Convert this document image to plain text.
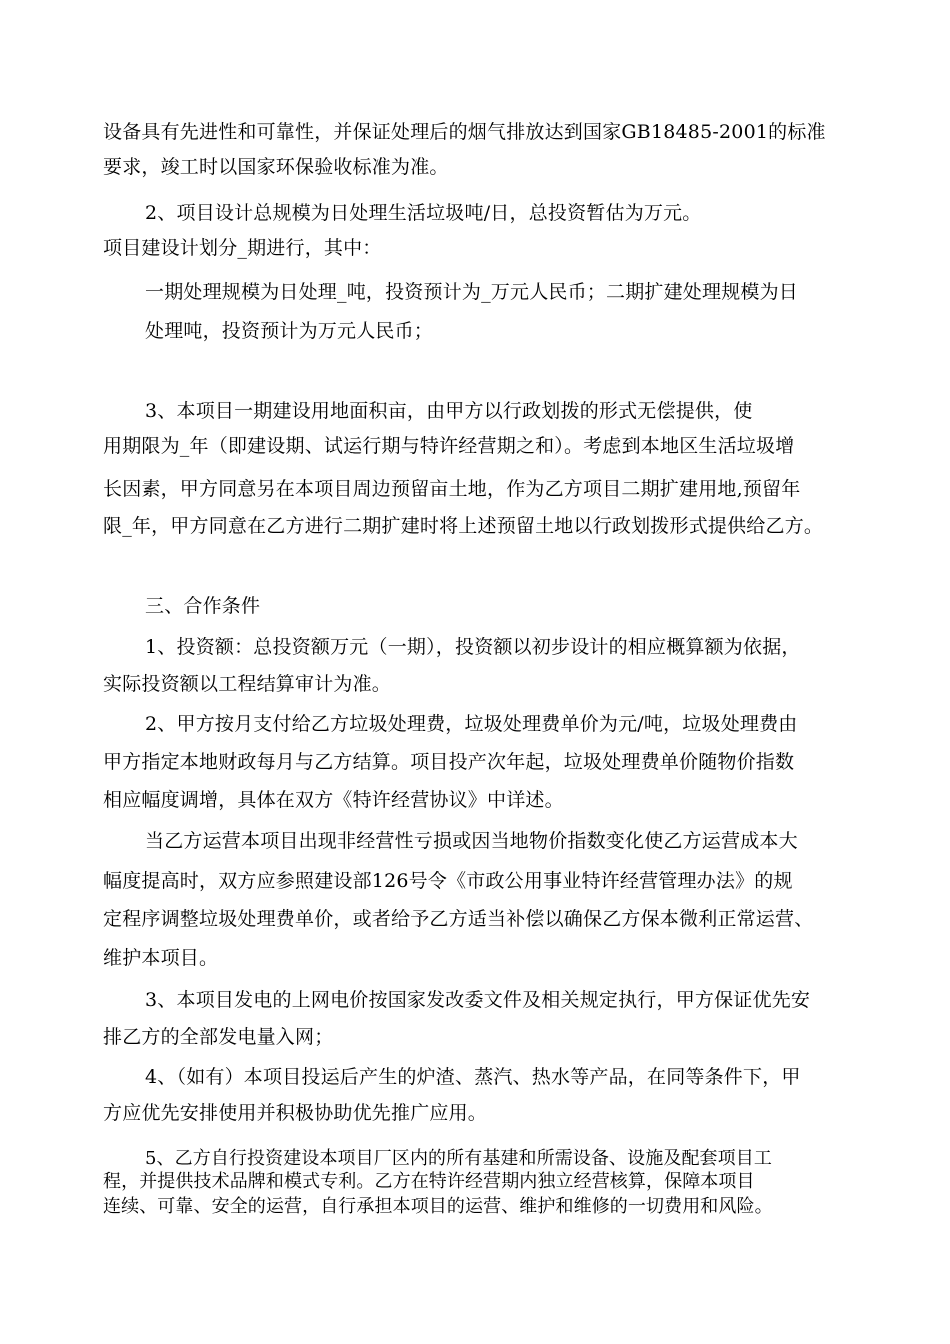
设备具有先进性和可靠性，并保证处理后的烟气排放达到国家GB18485-2001的标准
要求，竣工时以国家环保验收标准为准。
2、项目设计总规模为日处理生活垃圾吨/日，总投资暂估为万元。
项目建设计划分_期进行，其中：
一期处理规模为日处理_吨，投资预计为_万元人民币；二期扩建处理规模为日
处理吨，投资预计为万元人民币；
3、本项目一期建设用地面积亩，由甲方以行政划拨的形式无偿提供，使
用期限为_年（即建设期、试运行期与特许经营期之和）。考虑到本地区生活垃圾增
长因素，甲方同意另在本项目周边预留亩土地，作为乙方项目二期扩建用地,预留年
限_年，甲方同意在乙方进行二期扩建时将上述预留土地以行政划拨形式提供给乙方。
三、合作条件
1、投资额：总投资额万元（一期），投资额以初步设计的相应概算额为依据，
实际投资额以工程结算审计为准。
2、甲方按月支付给乙方垃圾处理费，垃圾处理费单价为元/吨，垃圾处理费由
甲方指定本地财政每月与乙方结算。项目投产次年起，垃圾处理费单价随物价指数
相应幅度调增，具体在双方《特许经营协议》中详述。
当乙方运营本项目出现非经营性亏损或因当地物价指数变化使乙方运营成本大
幅度提高时，双方应参照建设部126号令《市政公用事业特许经营管理办法》的规
定程序调整垃圾处理费单价，或者给予乙方适当补偿以确保乙方保本微利正常运营、
维护本项目。
3、本项目发电的上网电价按国家发改委文件及相关规定执行，甲方保证优先安
排乙方的全部发电量入网；
4、（如有）本项目投运后产生的炉渣、蒸汽、热水等产品，在同等条件下，甲
方应优先安排使用并积极协助优先推广应用。
5、乙方自行投资建设本项目厂区内的所有基建和所需设备、设施及配套项目工
程，并提供技术品牌和模式专利。乙方在特许经营期内独立经营核算，保障本项目
连续、可靠、安全的运营，自行承担本项目的运营、维护和维修的一切费用和风险。
